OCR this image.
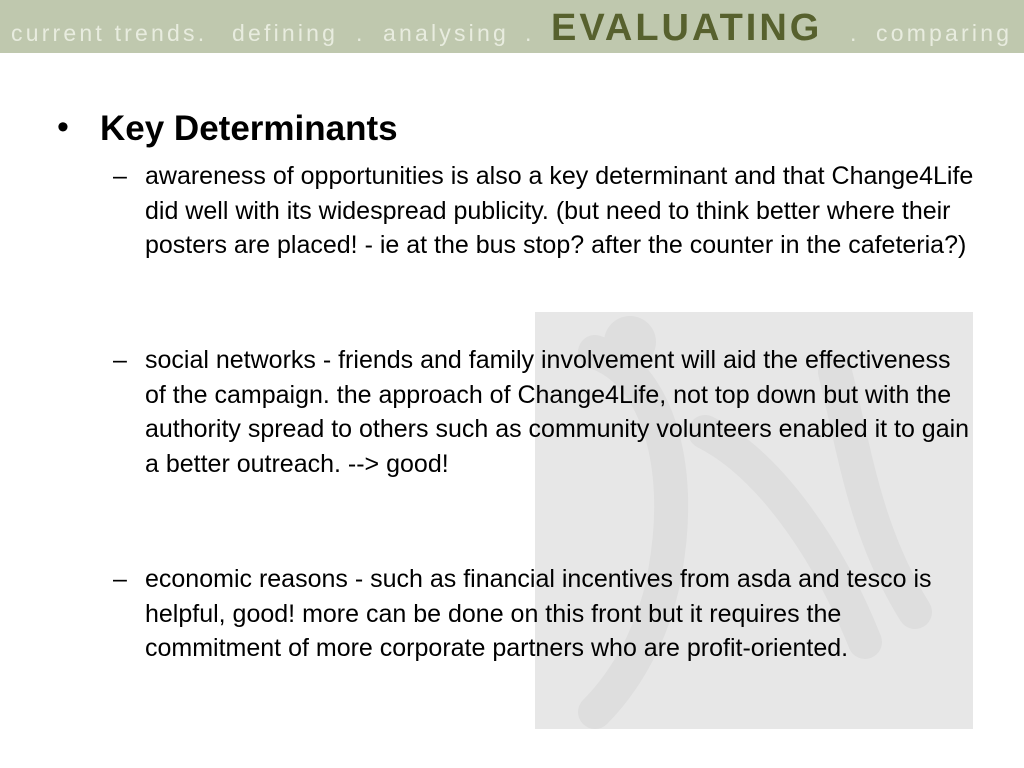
current trends. defining . analysing . EVALUATING . comparing
• Key Determinants
– awareness of opportunities is also a key determinant and that Change4Life did well with its widespread publicity. (but need to think better where their posters are placed! - ie at the bus stop? after the counter in the cafeteria?)

– social networks - friends and family involvement will aid the effectiveness of the campaign. the approach of Change4Life, not top down but with the authority spread to others such as community volunteers enabled it to gain a better outreach. --> good!

– economic reasons - such as financial incentives from asda and tesco is helpful, good! more can be done on this front but it requires the commitment of more corporate partners who are profit-oriented.
